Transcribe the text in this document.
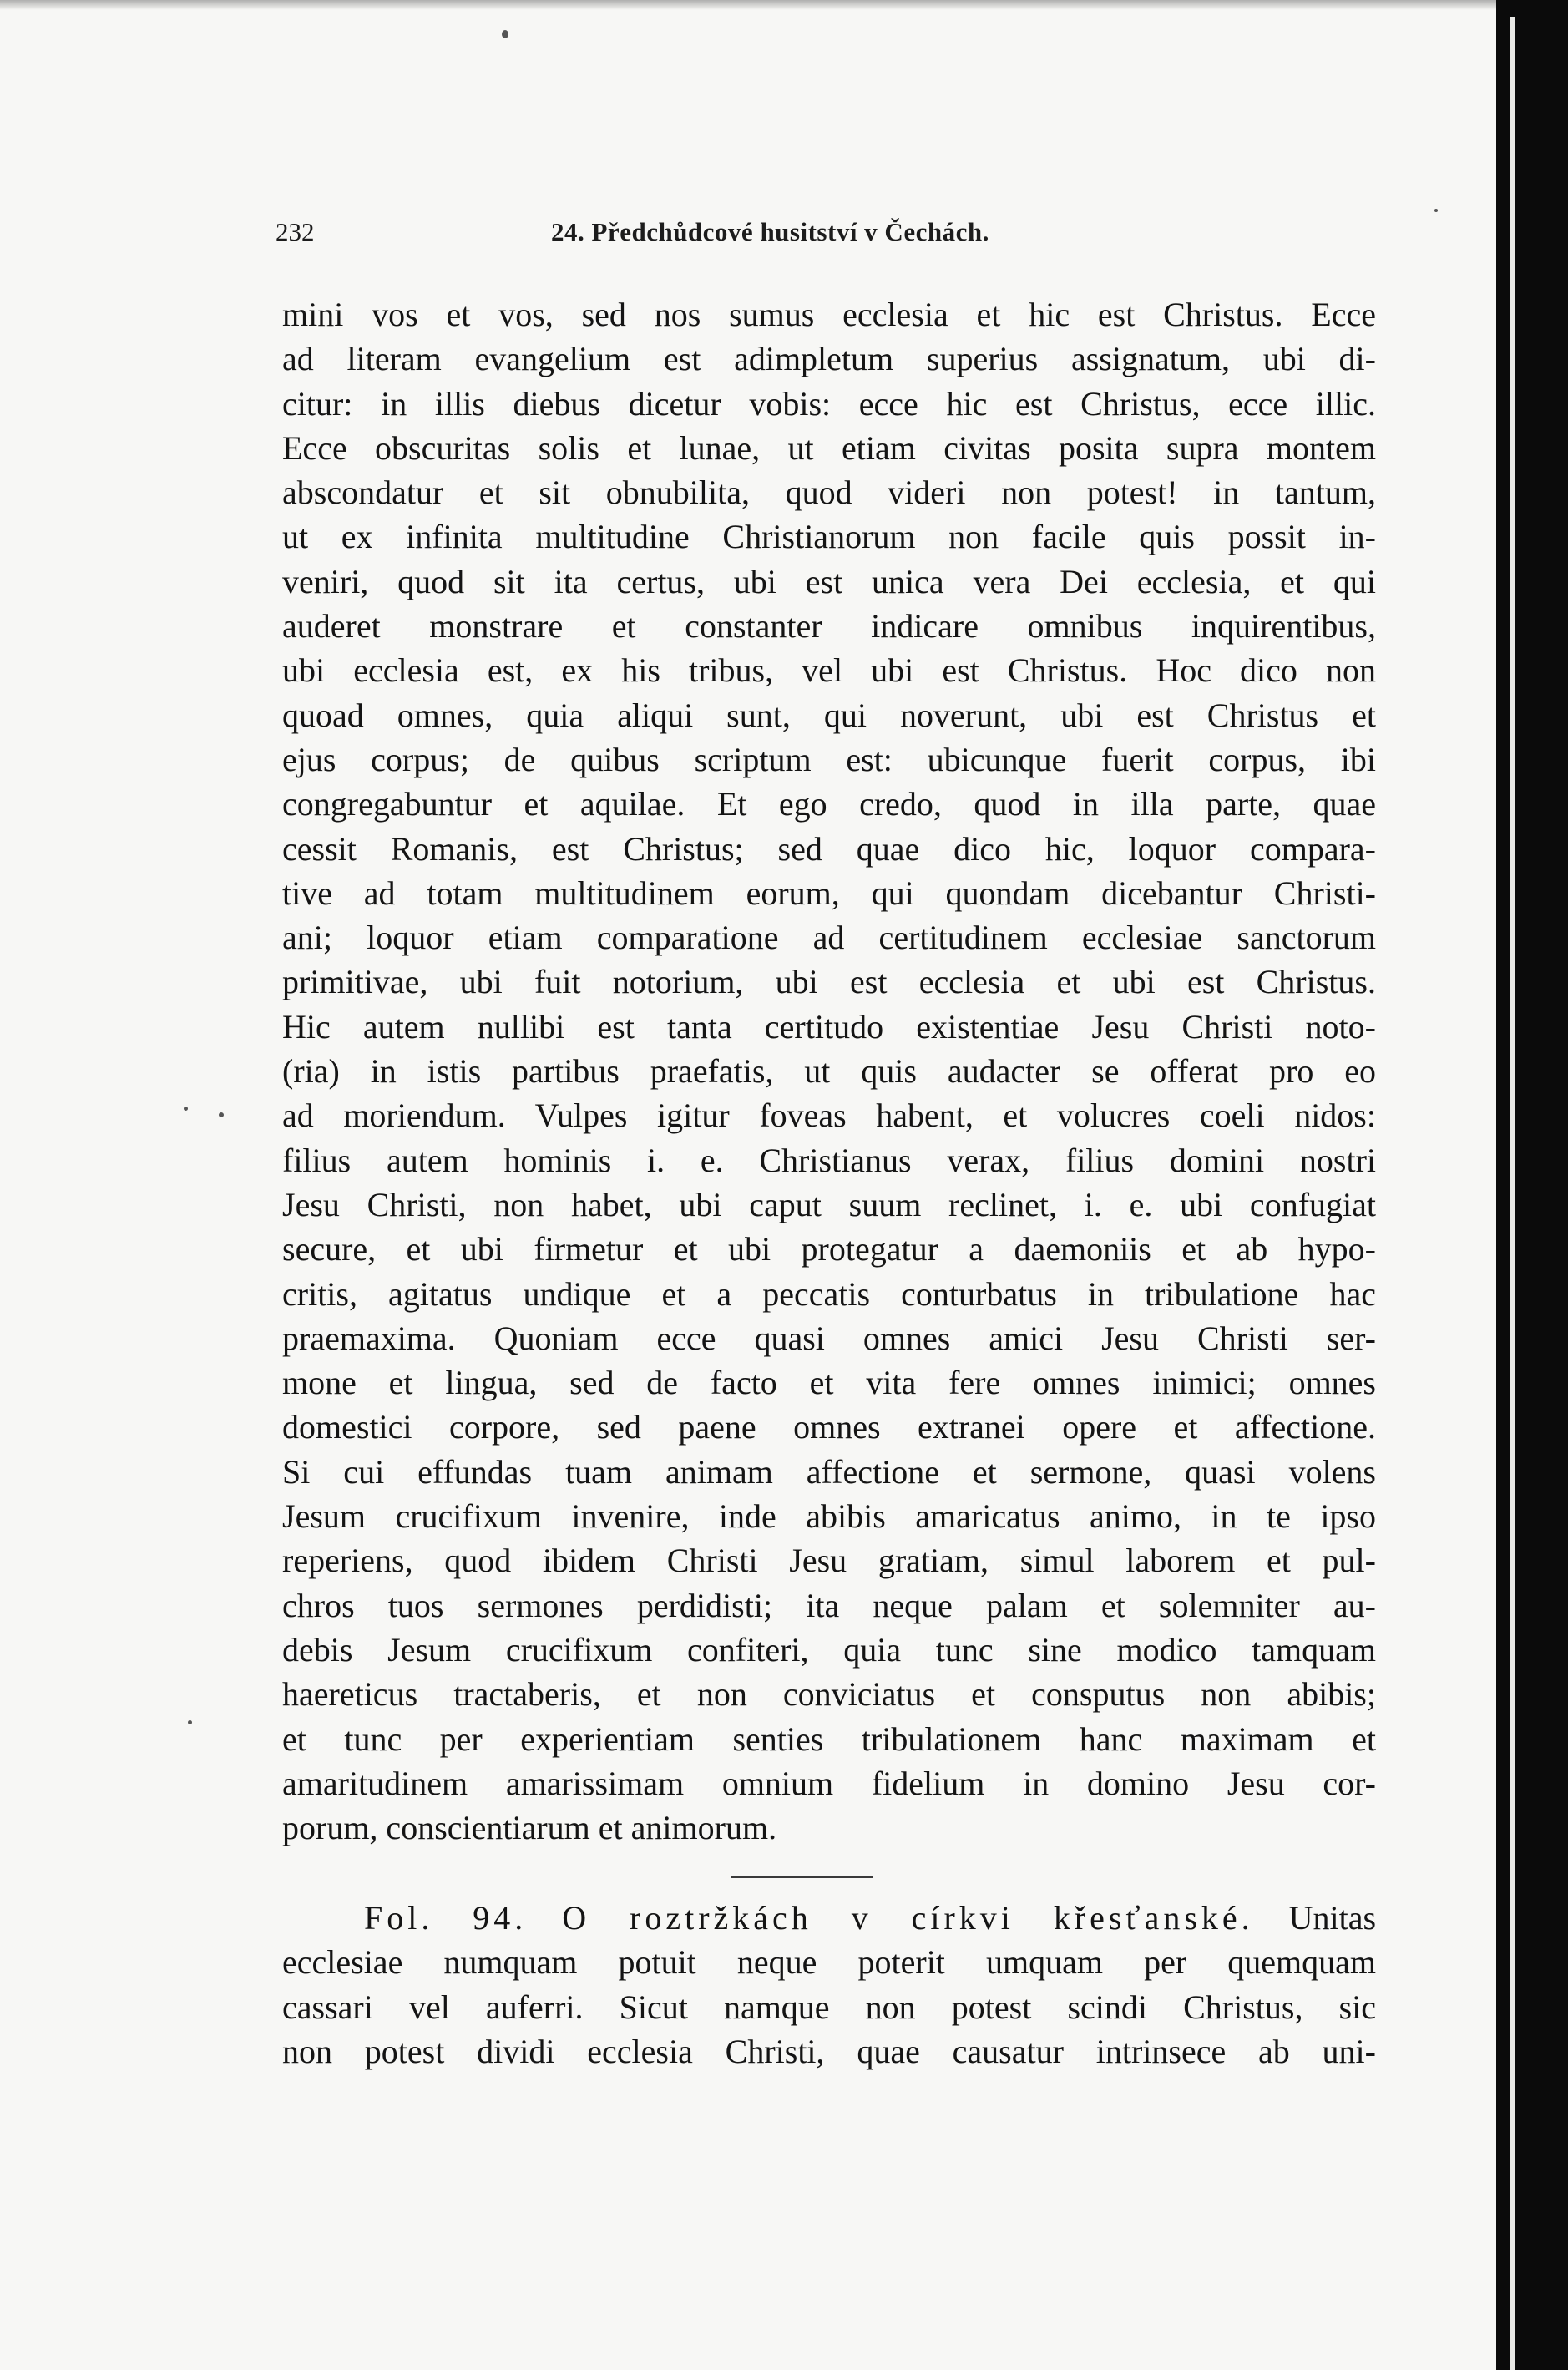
232	24. Předchůdcové husitství v Čechách.
mini vos et vos, sed nos sumus ecclesia et hic est Christus. Ecce
ad literam evangelium est adimpletum superius assignatum, ubi di-
citur: in illis diebus dicetur vobis: ecce hic est Christus, ecce illic.
Ecce obscuritas solis et lunae, ut etiam civitas posita supra montem
abscondatur et sit obnubilita, quod videri non potest! in tantum,
ut ex infinita multitudine Christianorum non facile quis possit in-
veniri, quod sit ita certus, ubi est unica vera Dei ecclesia, et qui
auderet monstrare et constanter indicare omnibus inquirentibus,
ubi ecclesia est, ex his tribus, vel ubi est Christus. Hoc dico non
quoad omnes, quia aliqui sunt, qui noverunt, ubi est Christus et
ejus corpus; de quibus scriptum est: ubicunque fuerit corpus, ibi
congregabuntur et aquilae. Et ego credo, quod in illa parte, quae
cessit Romanis, est Christus; sed quae dico hic, loquor compara-
tive ad totam multitudinem eorum, qui quondam dicebantur Christi-
ani; loquor etiam comparatione ad certitudinem ecclesiae sanctorum
primitivae, ubi fuit notorium, ubi est ecclesia et ubi est Christus.
Hic autem nullibi est tanta certitudo existentiae Jesu Christi noto-
(ria) in istis partibus praefatis, ut quis audacter se offerat pro eo
ad moriendum. Vulpes igitur foveas habent, et volucres coeli nidos:
filius autem hominis i. e. Christianus verax, filius domini nostri
Jesu Christi, non habet, ubi caput suum reclinet, i. e. ubi confugiat
secure, et ubi firmetur et ubi protegatur a daemoniis et ab hypo-
critis, agitatus undique et a peccatis conturbatus in tribulatione hac
praemaxima. Quoniam ecce quasi omnes amici Jesu Christi ser-
mone et lingua, sed de facto et vita fere omnes inimici; omnes
domestici corpore, sed paene omnes extranei opere et affectione.
Si cui effundas tuam animam affectione et sermone, quasi volens
Jesum crucifixum invenire, inde abibis amaricatus animo, in te ipso
reperiens, quod ibidem Christi Jesu gratiam, simul laborem et pul-
chros tuos sermones perdidisti; ita neque palam et solemniter au-
debis Jesum crucifixum confiteri, quia tunc sine modico tamquam
haereticus tractaberis, et non conviciatus et consputus non abibis;
et tunc per experientiam senties tribulationem hanc maximam et
amaritudinem amarissimam omnium fidelium in domino Jesu cor-
porum, conscientiarum et animorum.
Fol. 94. O roztržkách v církvi křesťanské. Unitas
ecclesiae numquam potuit neque poterit umquam per quemquam
cassari vel auferri. Sicut namque non potest scindi Christus, sic
non potest dividi ecclesia Christi, quae causatur intrinsece ab uni-
